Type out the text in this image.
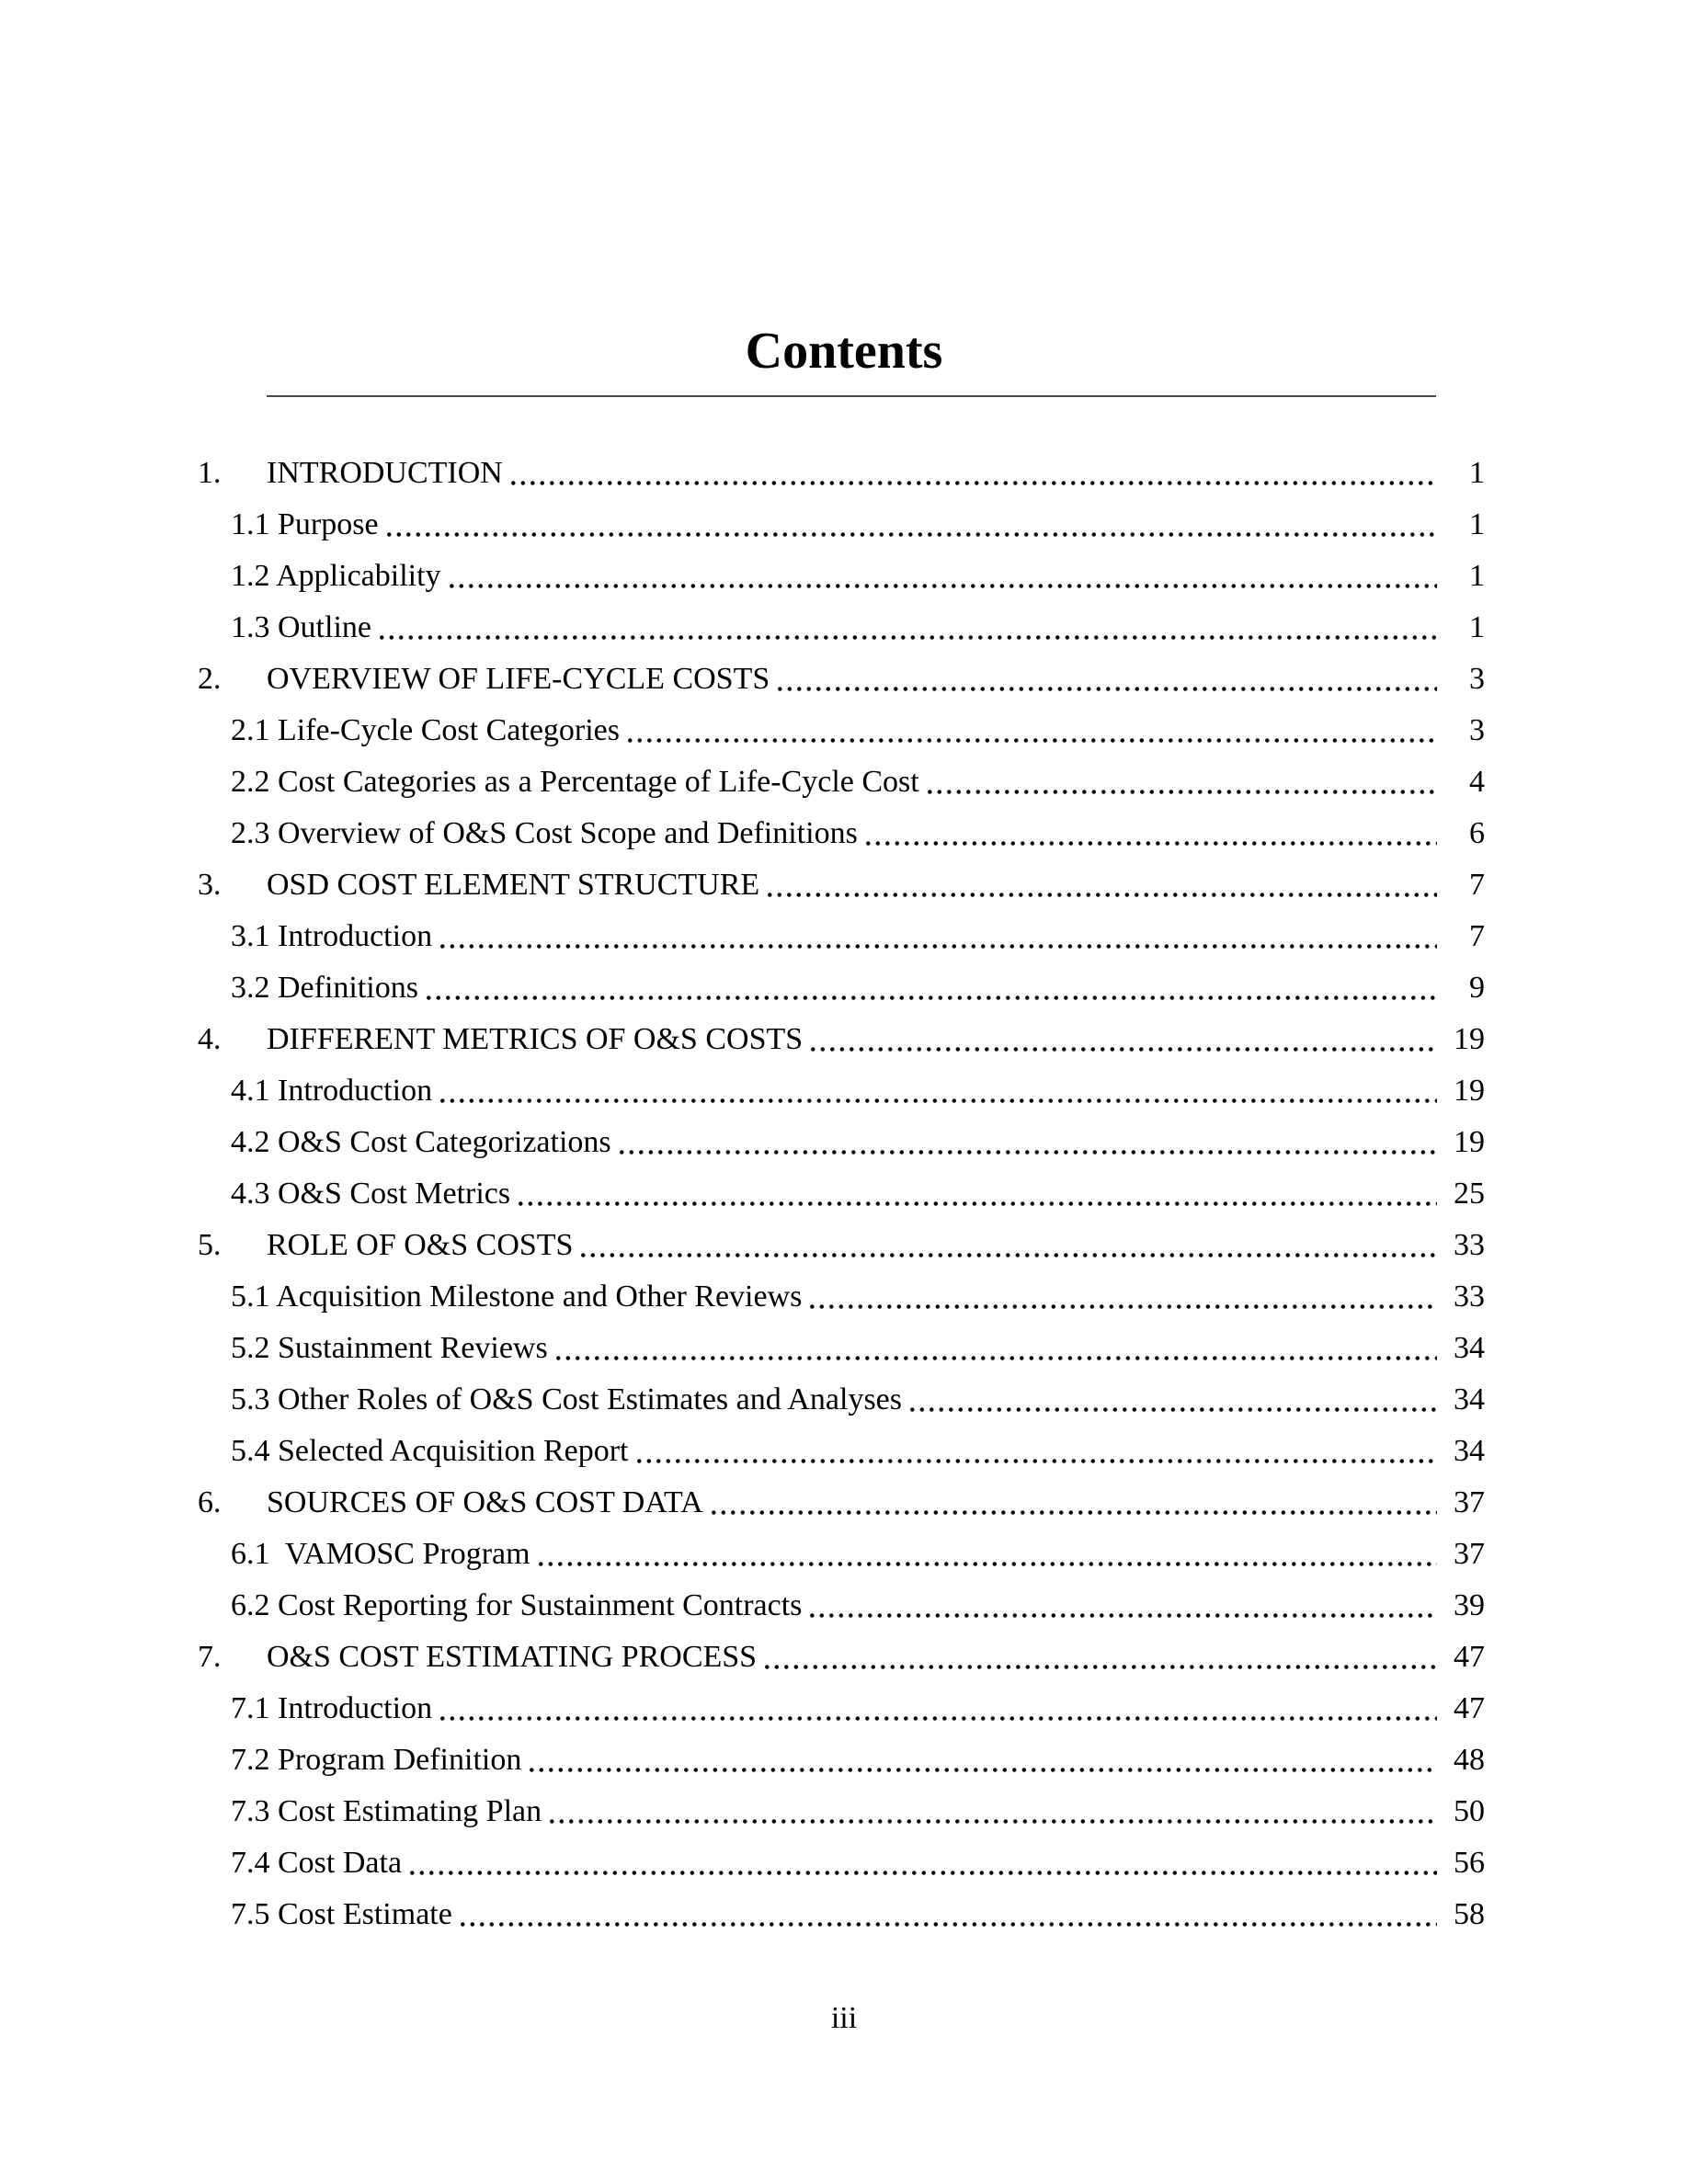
Contents
1.	INTRODUCTION	1
1.1 Purpose	1
1.2 Applicability	1
1.3 Outline	1
2.	OVERVIEW OF LIFE-CYCLE COSTS	3
2.1 Life-Cycle Cost Categories	3
2.2 Cost Categories as a Percentage of Life-Cycle Cost	4
2.3 Overview of O&S Cost Scope and Definitions	6
3.	OSD COST ELEMENT STRUCTURE	7
3.1 Introduction	7
3.2 Definitions	9
4.	DIFFERENT METRICS OF O&S COSTS	19
4.1 Introduction	19
4.2 O&S Cost Categorizations	19
4.3 O&S Cost Metrics	25
5.	ROLE OF O&S COSTS	33
5.1 Acquisition Milestone and Other Reviews	33
5.2 Sustainment Reviews	34
5.3 Other Roles of O&S Cost Estimates and Analyses	34
5.4 Selected Acquisition Report	34
6.	SOURCES OF O&S COST DATA	37
6.1  VAMOSC Program	37
6.2 Cost Reporting for Sustainment Contracts	39
7.	O&S COST ESTIMATING PROCESS	47
7.1 Introduction	47
7.2 Program Definition	48
7.3 Cost Estimating Plan	50
7.4 Cost Data	56
7.5 Cost Estimate	58
iii
